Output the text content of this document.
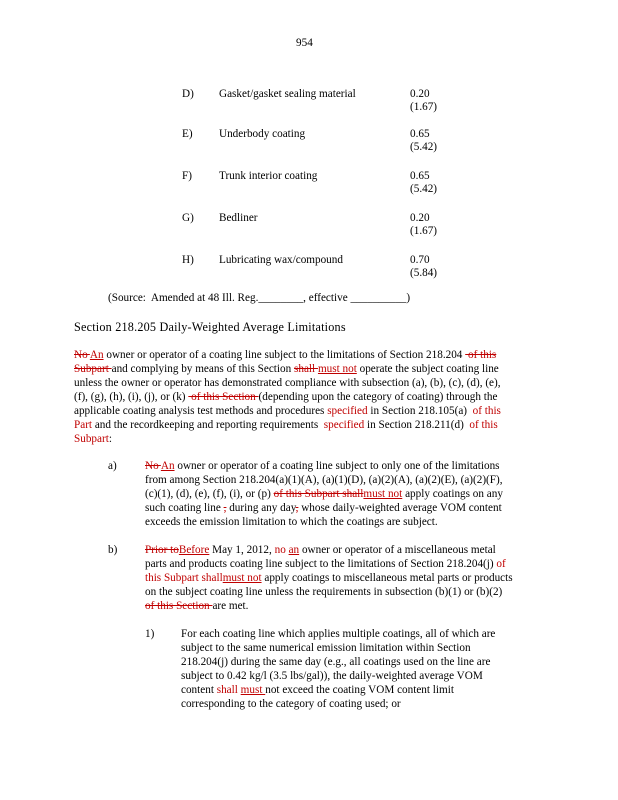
954
D) Gasket/gasket sealing material	0.20
(1.67)
E) Underbody coating	0.65
(5.42)
F) Trunk interior coating	0.65
(5.42)
G) Bedliner	0.20
(1.67)
H) Lubricating wax/compound	0.70
(5.84)
(Source:  Amended at 48 Ill. Reg.________, effective __________)
Section 218.205 Daily-Weighted Average Limitations
No An owner or operator of a coating line subject to the limitations of Section 218.204  of this
Subpart and complying by means of this Section shall must not operate the subject coating line
unless the owner or operator has demonstrated compliance with subsection (a), (b), (c), (d), (e),
(f), (g), (h), (i), (j), or (k)  of this Section (depending upon the category of coating) through the
applicable coating analysis test methods and procedures specified in Section 218.105(a)  of this
Part and the recordkeeping and reporting requirements  specified in Section 218.211(d)  of this
Subpart:
a)	No An owner or operator of a coating line subject to only one of the limitations
from among Section 218.204(a)(1)(A), (a)(1)(D), (a)(2)(A), (a)(2)(E), (a)(2)(F),
(c)(1), (d), (e), (f), (i), or (p) of this Subpart shallmust not apply coatings on any
such coating line , during any day, whose daily-weighted average VOM content
exceeds the emission limitation to which the coatings are subject.
b) Prior toBefore May 1, 2012, no an owner or operator of a miscellaneous metal
parts and products coating line subject to the limitations of Section 218.204(j) of
this Subpart shallmust not apply coatings to miscellaneous metal parts or products
on the subject coating line unless the requirements in subsection (b)(1) or (b)(2)
of this Section are met.
1) For each coating line which applies multiple coatings, all of which are
subject to the same numerical emission limitation within Section
218.204(j) during the same day (e.g., all coatings used on the line are
subject to 0.42 kg/l (3.5 lbs/gal)), the daily-weighted average VOM
content shall must not exceed the coating VOM content limit
corresponding to the category of coating used; or
